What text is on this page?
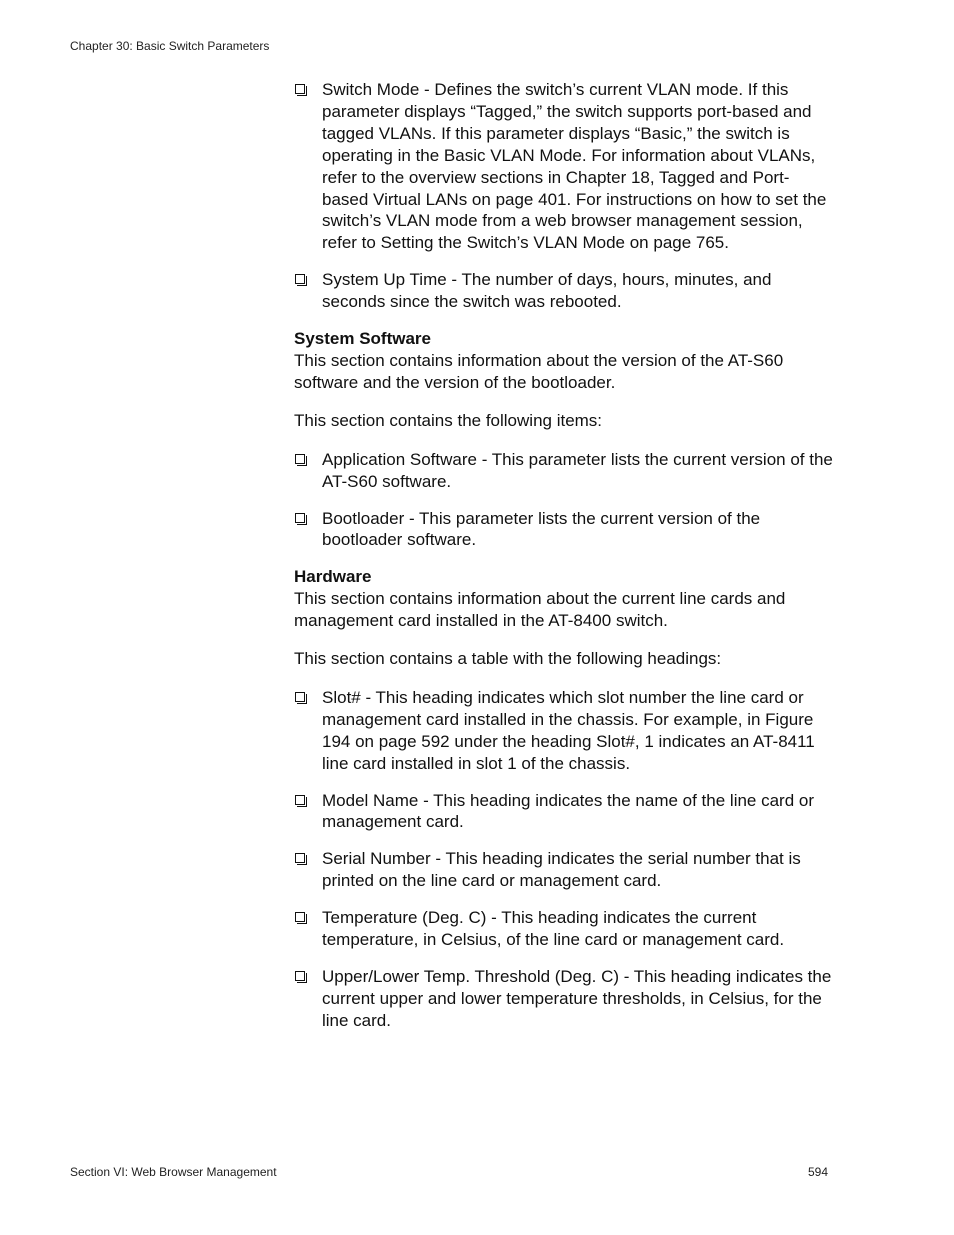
Chapter 30: Basic Switch Parameters

Switch Mode - Defines the switch’s current VLAN mode. If this parameter displays “Tagged,” the switch supports port-based and tagged VLANs. If this parameter displays “Basic,” the switch is operating in the Basic VLAN Mode. For information about VLANs, refer to the overview sections in Chapter 18, Tagged and Port-based Virtual LANs on page 401. For instructions on how to set the switch’s VLAN mode from a web browser management session, refer to Setting the Switch’s VLAN Mode on page 765.

System Up Time - The number of days, hours, minutes, and seconds since the switch was rebooted.

System Software

This section contains information about the version of the AT-S60 software and the version of the bootloader.

This section contains the following items:

Application Software - This parameter lists the current version of the AT-S60 software.

Bootloader - This parameter lists the current version of the bootloader software.

Hardware

This section contains information about the current line cards and management card installed in the AT-8400 switch.

This section contains a table with the following headings:

Slot# - This heading indicates which slot number the line card or management card installed in the chassis. For example, in Figure 194 on page 592 under the heading Slot#, 1 indicates an AT-8411 line card installed in slot 1 of the chassis.

Model Name - This heading indicates the name of the line card or management card.

Serial Number - This heading indicates the serial number that is printed on the line card or management card.

Temperature (Deg. C) - This heading indicates the current temperature, in Celsius, of the line card or management card.

Upper/Lower Temp. Threshold (Deg. C) - This heading indicates the current upper and lower temperature thresholds, in Celsius, for the line card.

Section VI: Web Browser Management	594
